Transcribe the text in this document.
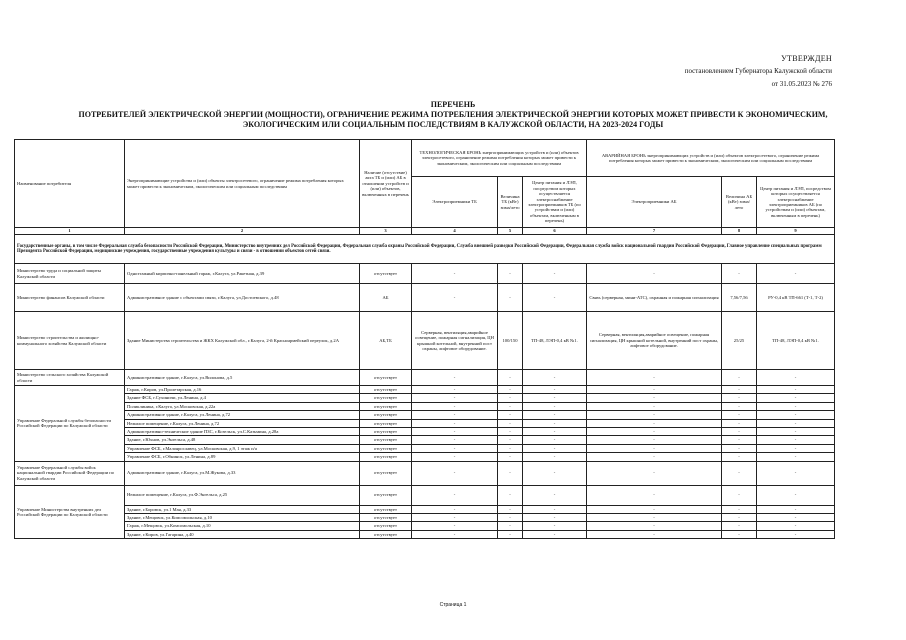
УТВЕРЖДЕН
постановлением Губернатора Калужской области
от 31.05.2023 № 276
ПЕРЕЧЕНЬ
ПОТРЕБИТЕЛЕЙ ЭЛЕКТРИЧЕСКОЙ ЭНЕРГИИ (МОЩНОСТИ), ОГРАНИЧЕНИЕ РЕЖИМА ПОТРЕБЛЕНИЯ ЭЛЕКТРИЧЕСКОЙ ЭНЕРГИИ КОТОРЫХ МОЖЕТ ПРИВЕСТИ К ЭКОНОМИЧЕСКИМ,
ЭКОЛОГИЧЕСКИМ ИЛИ СОЦИАЛЬНЫМ ПОСЛЕДСТВИЯМ В КАЛУЖСКОЙ ОБЛАСТИ, НА 2023-2024 ГОДЫ
Наименование потребителя	Энергопринимающие устройства и (или) объекты электросетевого, ограничение режима потребления которых может привести к экономическим, экологическим или социальным последствиям	Наличие (отсутствие) акта ТБ и (или) АБ в отношении устройств и (или) объектов, включенных в перечень	ТЕХНОЛОГИЧЕСКАЯ БРОНЬ энергопринимающих устройств и (или) объектов электросетевого, ограничение режима потребления которых может привести к экономическим, экологическим или социальным последствиям			АВАРИЙНАЯ БРОНЬ энергопринимающих устройств и (или) объектов электросетевого, ограничение режима потребления которых может привести к экономическим, экологическим или социальным последствиям		
			Электроприемники ТБ	Величина ТБ (кВт) зима/лето	Центр питания и ЛЭП, посредством которых осуществляется электроснабжение электроприемников ТБ (по устройствам и (или) объектам, включенным в перечень)	Электроприемники АБ	Величина АБ (кВт) зима/лето	Центр питания и ЛЭП, посредством которых осуществляется электроснабжение электроприемников АБ (по устройствам и (или) объектам, включенным в перечень)
1	2	3	4	5	6	7	8	9
Государственные органы, в том числе Федеральная служба безопасности Российской Федерации, Министерство внутренних дел Российской Федерации, Федеральная служба охраны Российской Федерации, Служба внешней разведки Российской Федерации, Федеральная служба войск национальной гвардии Российской Федерации, Главное управление специальных программ Президента Российской Федерации, медицинские учреждения, государственные учреждения культуры и связи - в отношении объектов сетей связи.								
Министерство труда и социальной защиты Калужской области	Одноэтажный кирпично-панельный гараж, г.Калуга, ул.Ракетная, д.39	отсутствует	-	-	-	-	-	-
Министерство финансов Калужской области	Административное здание с объектами связи, г.Калуга, ул.Достоевского, д.48	АБ	-	-	-	Связь (серверная, мини-АТС), охранная и пожарная сигнализация	7,56/7,56	РУ-0,4 кВ ТП-661 (Т-1, Т-2)
Министерство строительства и жилищно-коммунального хозяйства Калужской области	Здание Министерства строительства и ЖКХ Калужской обл., г.Калуга, 2-й Красноармейский переулок, д.2А	АБ,ТБ	Серверная, вентиляция,аварийное освещение, пожарная сигнализация, ЦН крышной котельной, внутренний пост охраны, лифтовое оборудование.	100/150	ТП-48, ЛЭП-0,4 кВ №1.	Серверная, вентиляция,аварийное освещение, пожарная сигнализация, ЦН крышной котельной, внутренний пост охраны, лифтовое оборудование.	25/25	ТП-48, ЛЭП-0,4 кВ №1.
Министерство сельского хозяйства Калужской области	Административное здание, г.Калуга, ул.Вилонова, д.5	отсутствует	-	-	-	-	-	-
Управление Федеральной службы безопасности Российской Федерации по Калужской области	Гараж, г.Киров, ул.Пролетарская, д.16	отсутствует	-	-	-	-	-	-
	Здание ФСБ, г.Сухиничи, ул.Ленина, д.4	отсутствует	-	-	-	-	-	-
	Поликлиника, г.Калуга, ул.Московская, д.22а	отсутствует	-	-	-	-	-	-
	Административное здание, г.Калуга, ул.Ленина, д.72	отсутствует	-	-	-	-	-	-
	Нежилое помещение, г.Калуга, ул.Ленина, д.72	отсутствует	-	-	-	-	-	-
	Административно-технические здание ПЗС, г.Козельск, ул.С.Казьмина, д.28а	отсутствует	-	-	-	-	-	-
	Здание, г.Юхнов, ул.Энгельса, д.48	отсутствует	-	-	-	-	-	-
	Управление ФСБ, г.Малоярославец, ул.Московская, д.9, 1 этаж п/а	отсутствует	-	-	-	-	-	-
	Управление ФСБ, г.Обнинск, ул.Ленина, д.89	отсутствует	-	-	-	-	-	-
Управление Федеральной службы войск национальной гвардии Российской Федерации по Калужской области	Административное здание, г.Калуга, ул.М.Жукова, д.33	отсутствует	-	-	-	-	-	-
Управление Министерства внутренних дел Российской Федерации по Калужской области	Нежилое помещение, г.Калуга, ул.Ф.Энгельса, д.25	отсутствует	-	-	-	-	-	-
	Здание, г.Боровск, ул.1 Мая, д.33	отсутствует	-	-	-	-	-	-
	Здание, г.Мещовск, ул.Комсомольская, д.10	отсутствует	-	-	-	-	-	-
	Гараж, г.Мещовск, ул.Комсомольская, д.10	отсутствует	-	-	-	-	-	-
	Здание, г.Киров, ул.Гагарина, д.40	отсутствует	-	-	-	-	-	-
Страница 1
